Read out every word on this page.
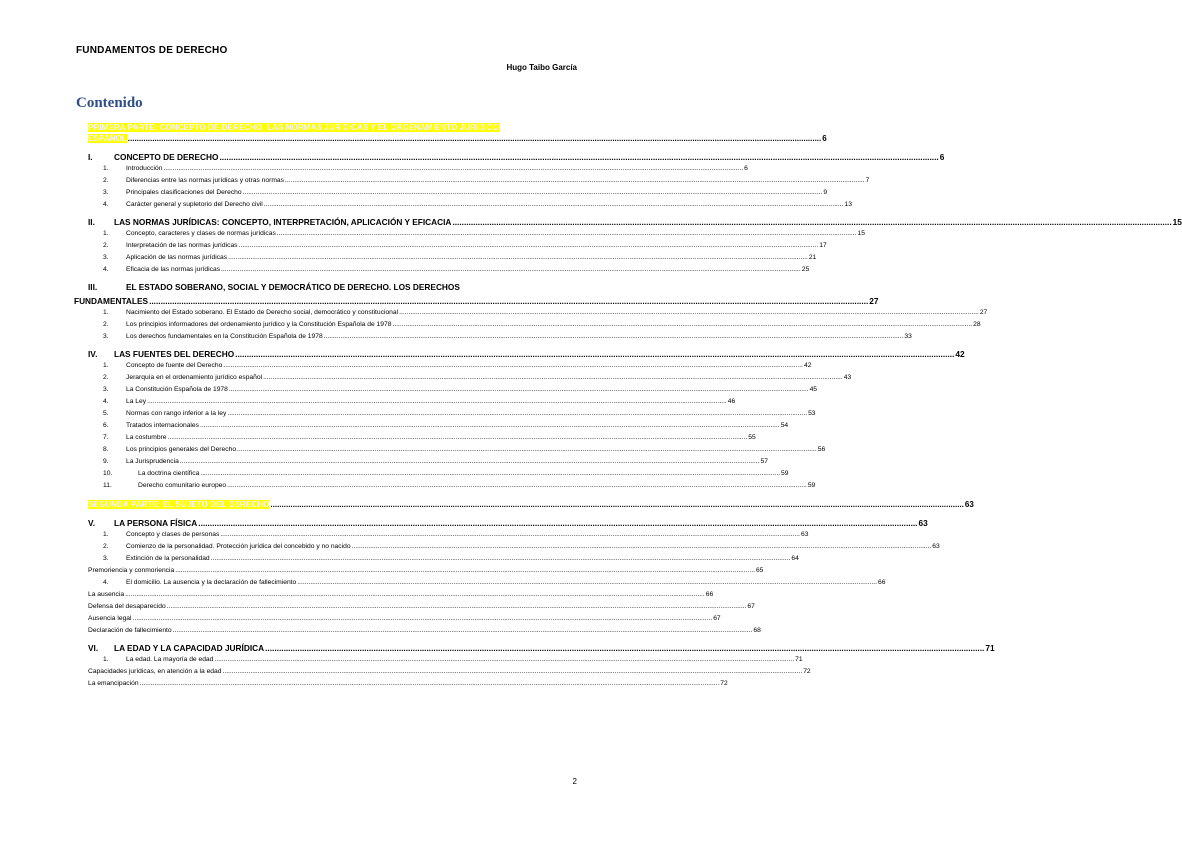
FUNDAMENTOS DE DERECHO
Hugo Taibo García
Contenido
PRIMERA PARTE: CONCEPTO DE DERECHO, LAS NORMAS JURÍDICAS Y EL ORDENAMIENTO JURÍDICO
ESPAÑOL .....	6
I.	CONCEPTO DE DERECHO .....	6
1.	Introducción .....	6
2.	Diferencias entre las normas jurídicas y otras normas .....	7
3.	Principales clasificaciones del Derecho .....	9
4.	Carácter general y supletorio del Derecho civil .....	13
II.	LAS NORMAS JURÍDICAS: CONCEPTO, INTERPRETACIÓN, APLICACIÓN Y EFICACIA .....	15
1.	Concepto, caracteres y clases de normas jurídicas .....	15
2.	Interpretación de las normas jurídicas .....	17
3.	Aplicación de las normas jurídicas .....	21
4.	Eficacia de las normas jurídicas .....	25
III.	EL ESTADO SOBERANO, SOCIAL Y DEMOCRÁTICO DE DERECHO. LOS DERECHOS
FUNDAMENTALES .....	27
1.	Nacimiento del Estado soberano. El Estado de Derecho social, democrático y constitucional .....	27
2.	Los principios informadores del ordenamiento jurídico y la Constitución Española de 1978 .....	28
3.	Los derechos fundamentales en la Constitución Española de 1978 .....	33
IV.	LAS FUENTES DEL DERECHO .....	42
1.	Concepto de fuente del Derecho .....	42
2.	Jerarquía en el ordenamiento jurídico español .....	43
3.	La Constitución Española de 1978 .....	45
4.	La Ley .....	46
5.	Normas con rango inferior a la ley .....	53
6.	Tratados internacionales .....	54
7.	La costumbre .....	55
8.	Los principios generales del Derecho .....	56
9.	La Jurisprudencia .....	57
10.	La doctrina científica .....	59
11.	Derecho comunitario europeo .....	59
SEGUNDA PARTE: EL SUJETO DEL DERECHO .....	63
V.	LA PERSONA FÍSICA .....	63
1.	Concepto y clases de personas .....	63
2.	Comienzo de la personalidad. Protección jurídica del concebido y no nacido .....	63
3.	Extinción de la personalidad .....	64
Premoriencia y conmoriencia .....	65
4.	El domicilio. La ausencia y la declaración de fallecimiento .....	66
La ausencia .....	66
Defensa del desaparecido .....	67
Ausencia legal .....	67
Declaración de fallecimiento .....	68
VI.	LA EDAD Y LA CAPACIDAD JURÍDICA .....	71
1.	La edad. La mayoría de edad .....	71
Capacidades jurídicas, en atención a la edad .....	72
La emancipación .....	72
2
